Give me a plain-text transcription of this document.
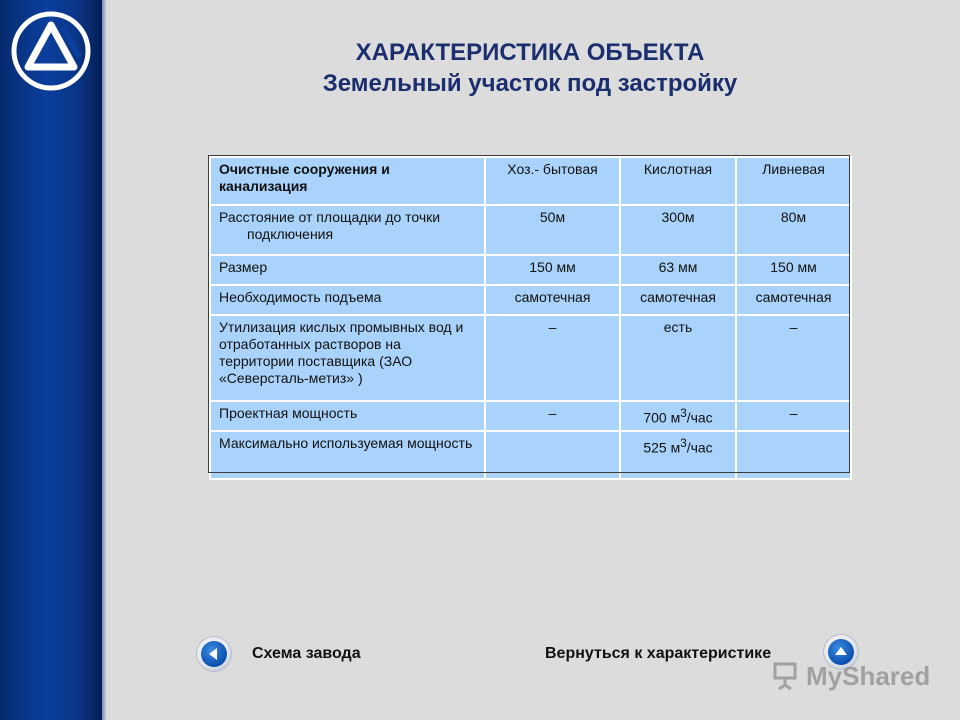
ХАРАКТЕРИСТИКА ОБЪЕКТА
Земельный участок под застройку
Очистные сооружения и канализация	Хоз.- бытовая	Кислотная	Ливневая
Расстояние от площадки до точки
подключения	50м	300м	80м
Размер	150 мм	63 мм	150 мм
Необходимость подъема	самотечная	самотечная	самотечная
Утилизация кислых промывных вод и отработанных растворов на территории поставщика (ЗАО «Северсталь-метиз» )	–	есть	–
Проектная мощность	–	700 $м^3$/час	–
Максимально используемая мощность		525 $м^3$/час	
Схема завода	Вернуться к характеристике
MyShared
